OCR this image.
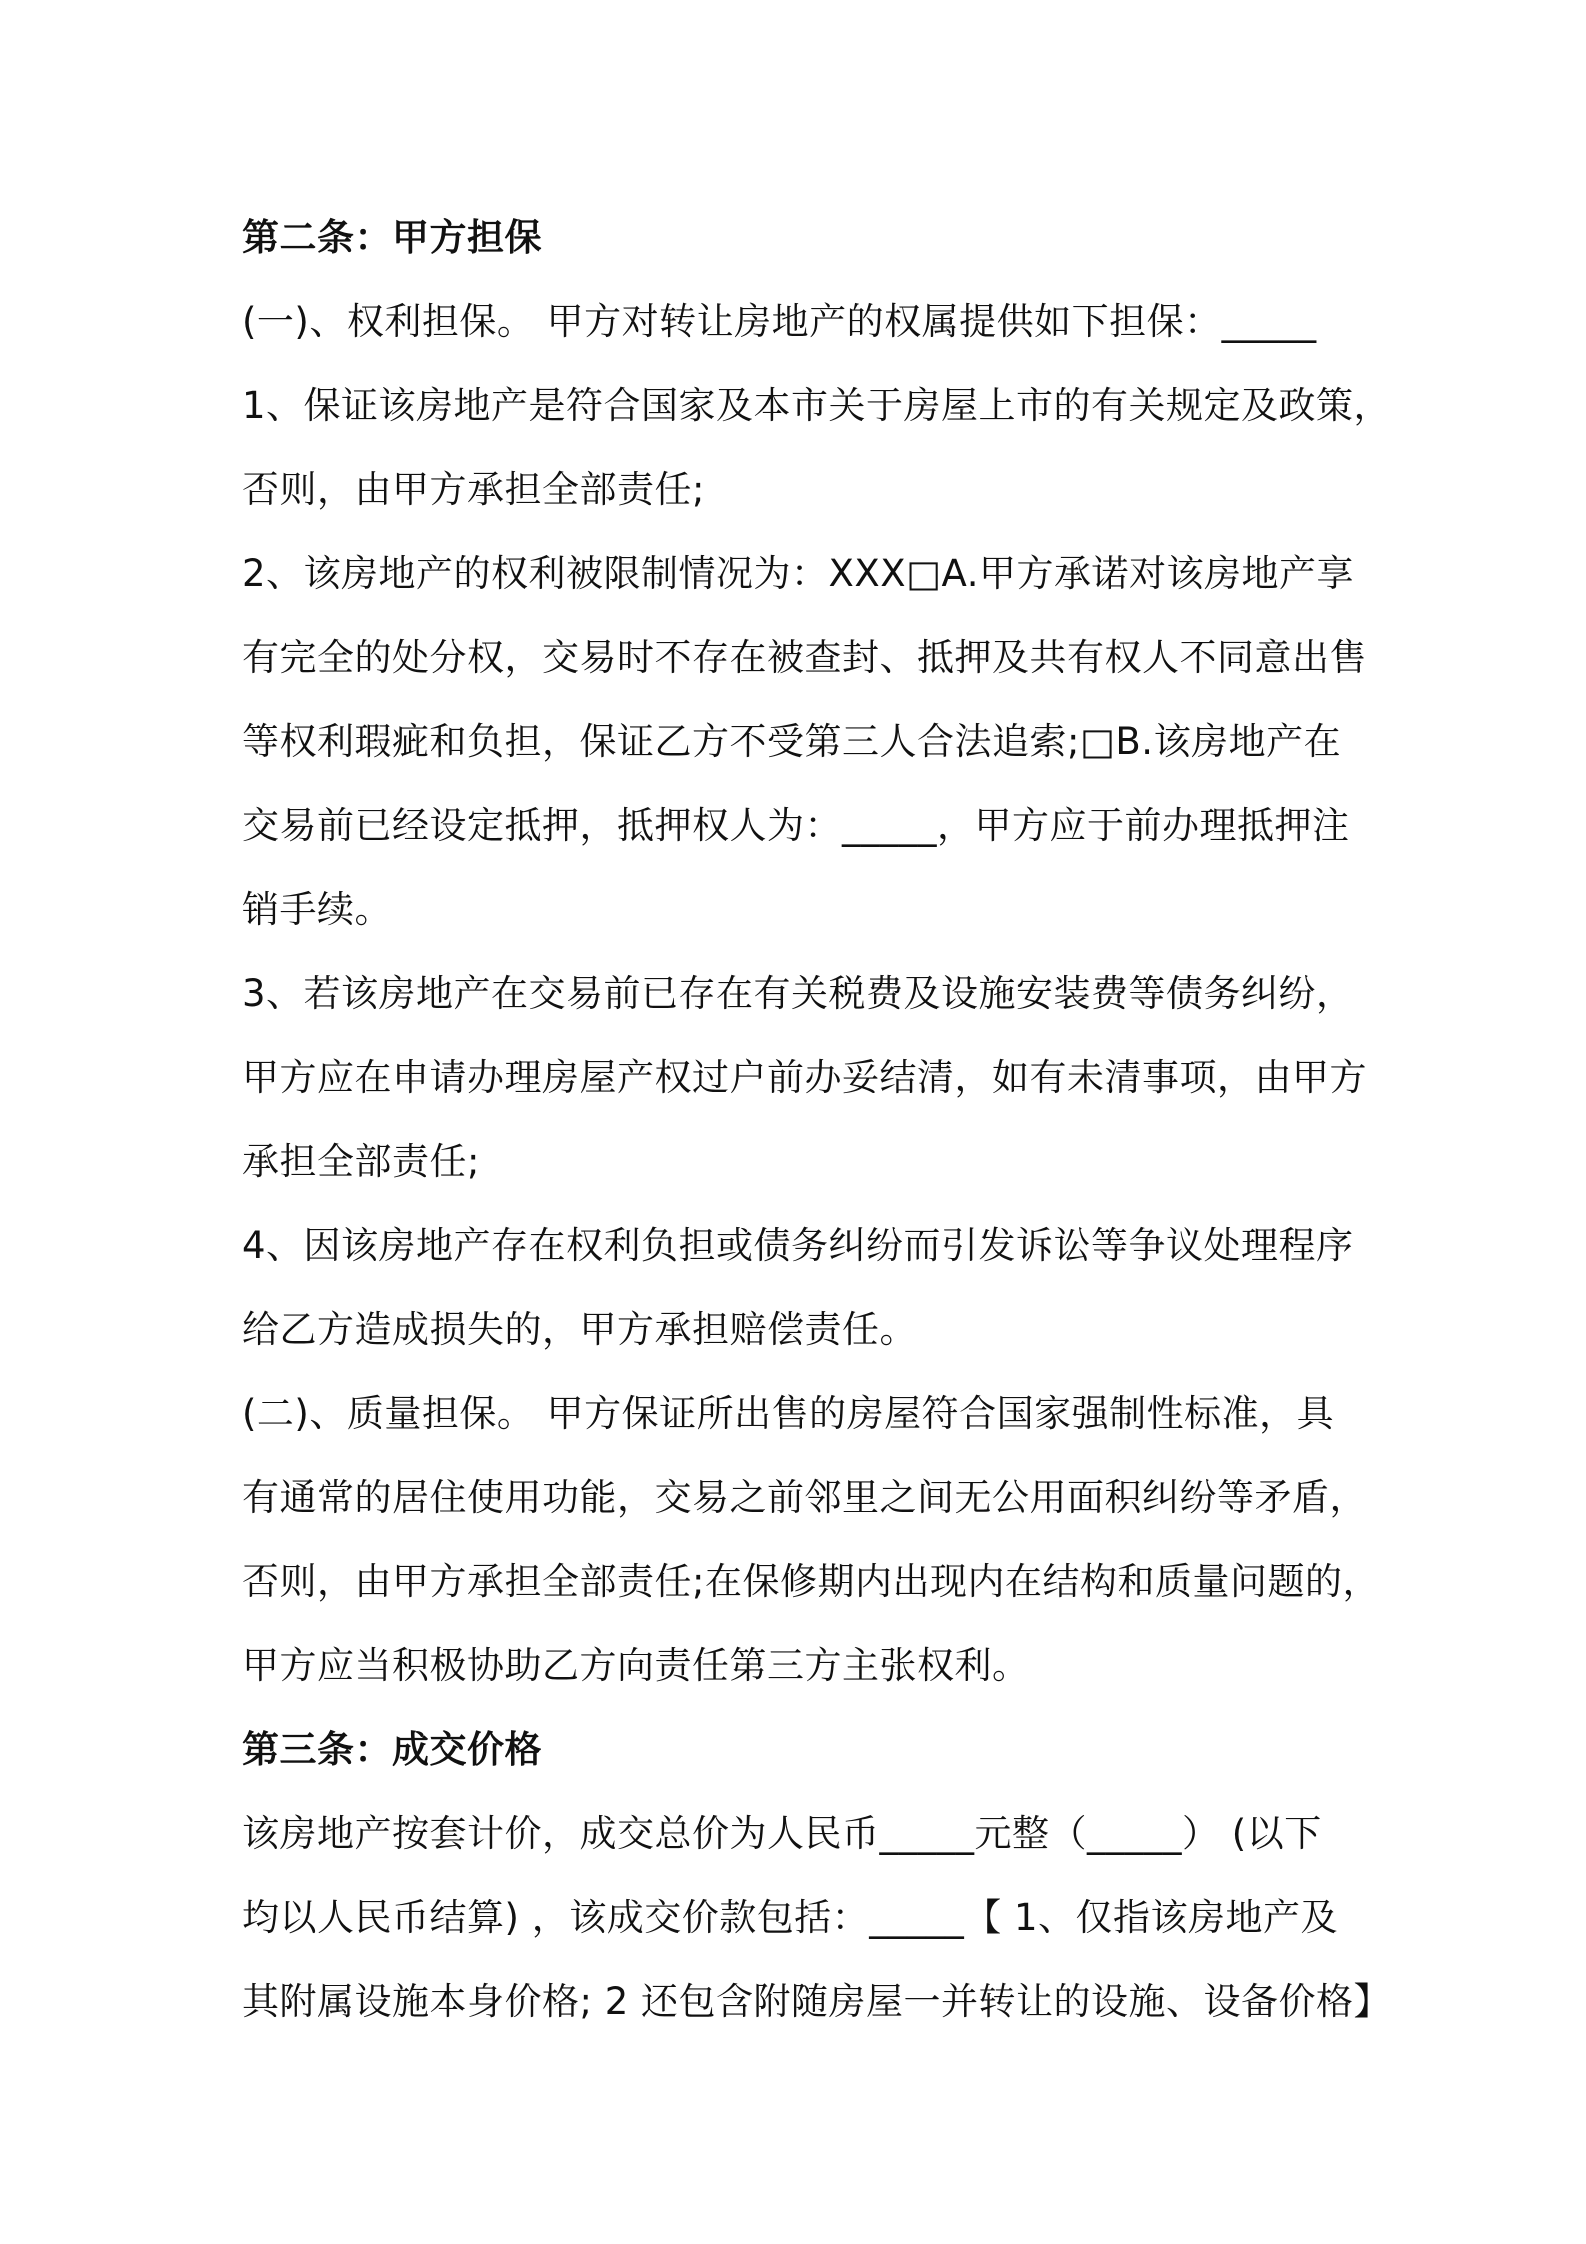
第二条：甲方担保
(一)、权利担保。 甲方对转让房地产的权属提供如下担保：_____
1、保证该房地产是符合国家及本市关于房屋上市的有关规定及政策，
否则，由甲方承担全部责任;
2、该房地产的权利被限制情况为：XXX□A.甲方承诺对该房地产享
有完全的处分权，交易时不存在被查封、抵押及共有权人不同意出售
等权利瑕疵和负担，保证乙方不受第三人合法追索;□B.该房地产在
交易前已经设定抵押，抵押权人为：_____，甲方应于前办理抵押注
销手续。
3、若该房地产在交易前已存在有关税费及设施安装费等债务纠纷，
甲方应在申请办理房屋产权过户前办妥结清，如有未清事项，由甲方
承担全部责任;
4、因该房地产存在权利负担或债务纠纷而引发诉讼等争议处理程序
给乙方造成损失的，甲方承担赔偿责任。
(二)、质量担保。 甲方保证所出售的房屋符合国家强制性标准，具
有通常的居住使用功能，交易之前邻里之间无公用面积纠纷等矛盾，
否则，由甲方承担全部责任;在保修期内出现内在结构和质量问题的，
甲方应当积极协助乙方向责任第三方主张权利。
第三条：成交价格
该房地产按套计价，成交总价为人民币_____元整（_____） (以下
均以人民币结算) ，该成交价款包括：_____【 1、仅指该房地产及
其附属设施本身价格; 2 还包含附随房屋一并转让的设施、设备价格】
